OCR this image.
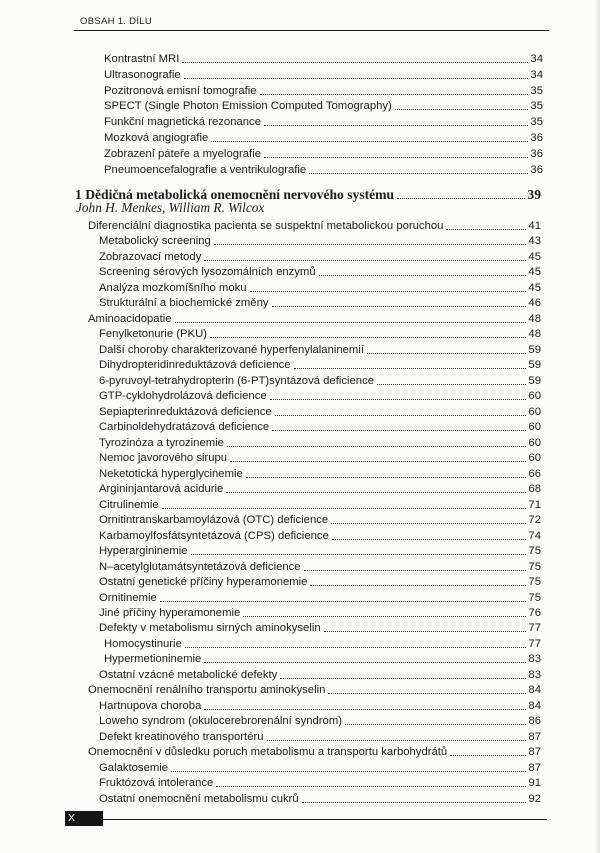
OBSAH 1. DÍLU
Kontrastní MRI	34
Ultrasonografie	34
Pozitronová emisní tomografie	35
SPECT (Single Photon Emission Computed Tomography)	35
Funkční magnetická rezonance	35
Mozková angiografie	36
Zobrazení páteře a myelografie	36
Pneumoencefalografie a ventrikulografie	36
1 Dědičná metabolická onemocnění nervového systému	39
John H. Menkes, William R. Wilcox
Diferenciální diagnostika pacienta se suspektní metabolickou poruchou	41
Metabolický screening	43
Zobrazovací metody	45
Screening sérových lysozomálních enzymů	45
Analýza mozkomíšního moku	45
Strukturální a biochemické změny	46
Aminoacidopatie	48
Fenylketonurie (PKU)	48
Další choroby charakterizované hyperfenylalaninemií	59
Dihydropteridinreduktázová deficience	59
6-pyruvoyl-tetrahydropterin (6-PT)syntázová deficience	59
GTP-cyklohydrolázová deficience	60
Sepiapterinreduktázová deficience	60
Carbinoldehydratázová deficience	60
Tyrozinóza a tyrozinemie	60
Nemoc javorového sirupu	60
Neketotická hyperglycinemie	66
Argininjantarová acidurie	68
Citrulinemie	71
Ornitintranskarbamoylázová (OTC) deficience	72
Karbamoylfosfátsyntetázová (CPS) deficience	74
Hyperargininemie	75
N–acetylglutamátsyntetázová deficience	75
Ostatní genetické příčiny hyperamonemie	75
Ornitinemie	75
Jiné příčiny hyperamonemie	76
Defekty v metabolismu sirných aminokyselin	77
Homocystinurie	77
Hypermetioninemie	83
Ostatní vzácné metabolické defekty	83
Onemocnění renálního transportu aminokyselin	84
Hartnupova choroba	84
Loweho syndrom (okulocerebrorenální syndrom)	86
Defekt kreatinového transportéru	87
Onemocnění v důsledku poruch metabolismu a transportu karbohydrátů	87
Galaktosemie	87
Fruktózová intolerance	91
Ostatní onemocnění metabolismu cukrů	92
X
